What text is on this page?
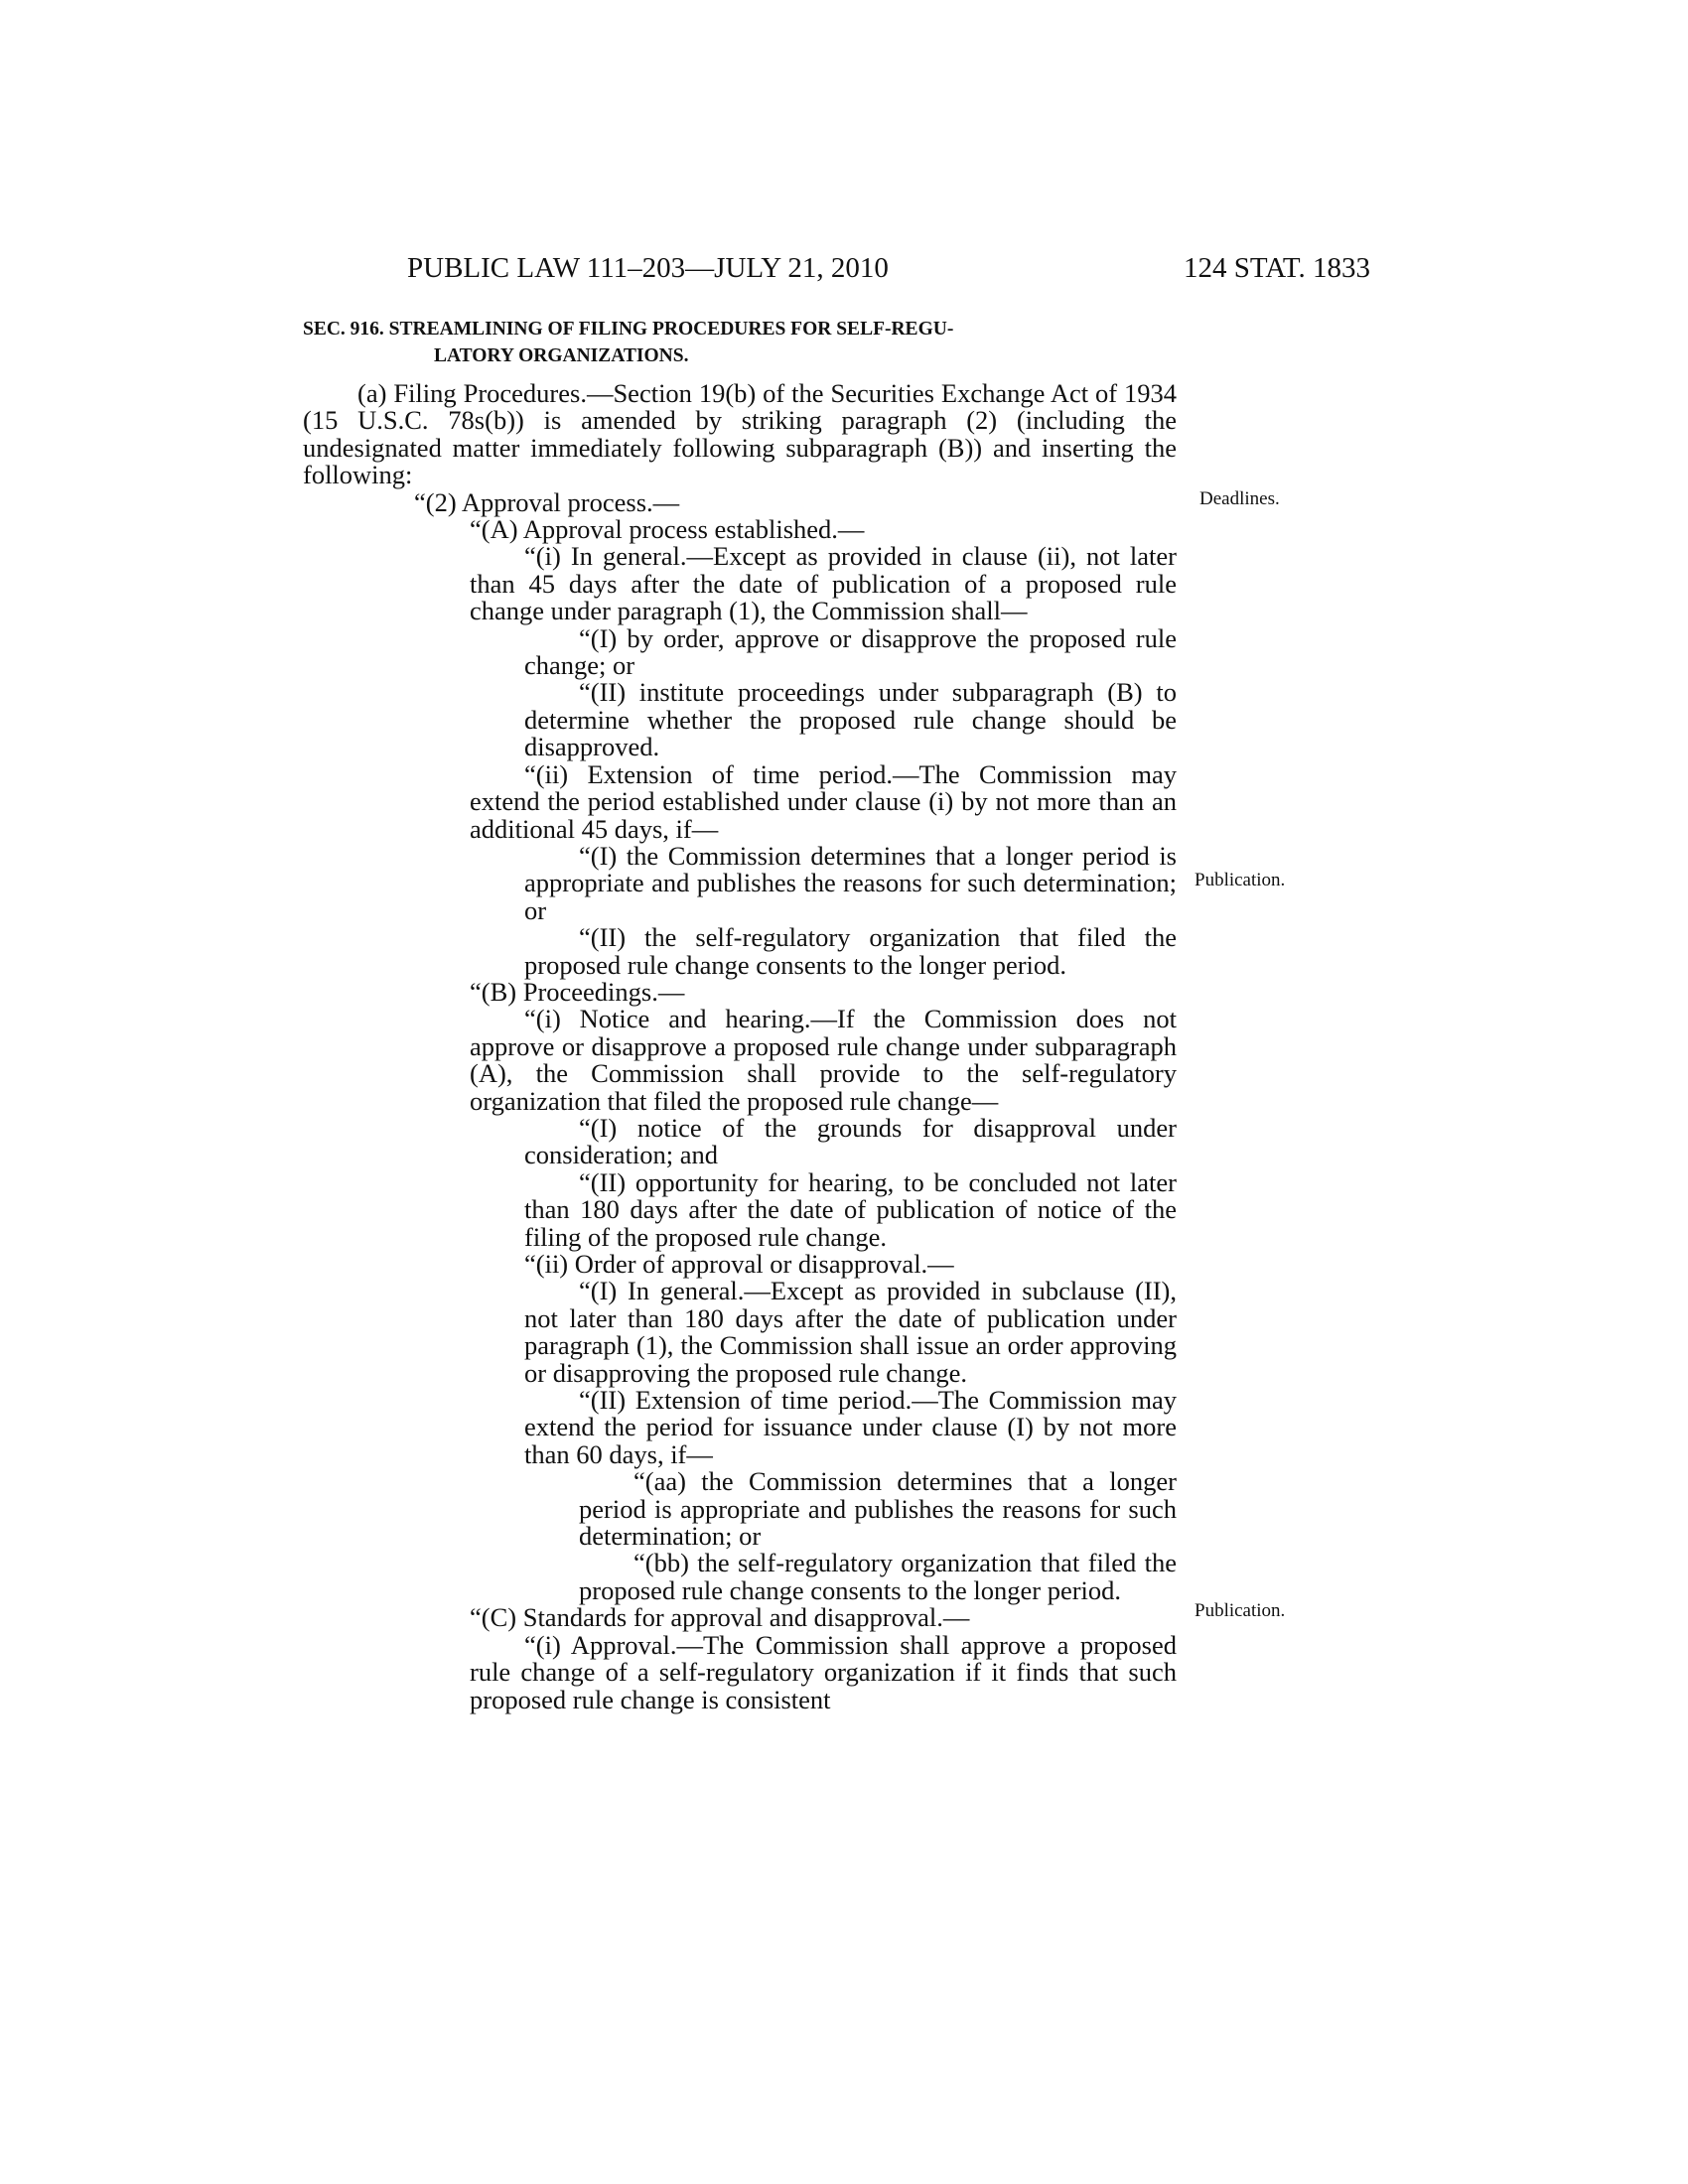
PUBLIC LAW 111–203—JULY 21, 2010	124 STAT. 1833
SEC. 916. STREAMLINING OF FILING PROCEDURES FOR SELF-REGU-
LATORY ORGANIZATIONS.

(a) Filing Procedures.—Section 19(b) of the Securities Exchange Act of 1934 (15 U.S.C. 78s(b)) is amended by striking paragraph (2) (including the undesignated matter immediately following subparagraph (B)) and inserting the following:

“(2) Approval process.—

“(A) Approval process established.—

“(i) In general.—Except as provided in clause (ii), not later than 45 days after the date of publication of a proposed rule change under paragraph (1), the Commission shall—

“(I) by order, approve or disapprove the proposed rule change; or

“(II) institute proceedings under subparagraph (B) to determine whether the proposed rule change should be disapproved.

“(ii) Extension of time period.—The Commission may extend the period established under clause (i) by not more than an additional 45 days, if—

“(I) the Commission determines that a longer period is appropriate and publishes the reasons for such determination; or

“(II) the self-regulatory organization that filed the proposed rule change consents to the longer period.

“(B) Proceedings.—

“(i) Notice and hearing.—If the Commission does not approve or disapprove a proposed rule change under subparagraph (A), the Commission shall provide to the self-regulatory organization that filed the proposed rule change—

“(I) notice of the grounds for disapproval under consideration; and

“(II) opportunity for hearing, to be concluded not later than 180 days after the date of publication of notice of the filing of the proposed rule change.

“(ii) Order of approval or disapproval.—

“(I) In general.—Except as provided in subclause (II), not later than 180 days after the date of publication under paragraph (1), the Commission shall issue an order approving or disapproving the proposed rule change.

“(II) Extension of time period.—The Commission may extend the period for issuance under clause (I) by not more than 60 days, if—

“(aa) the Commission determines that a longer period is appropriate and publishes the reasons for such determination; or

“(bb) the self-regulatory organization that filed the proposed rule change consents to the longer period.

“(C) Standards for approval and disapproval.—

“(i) Approval.—The Commission shall approve a proposed rule change of a self-regulatory organization if it finds that such proposed rule change is consistent

Deadlines.
Publication.
Publication.
